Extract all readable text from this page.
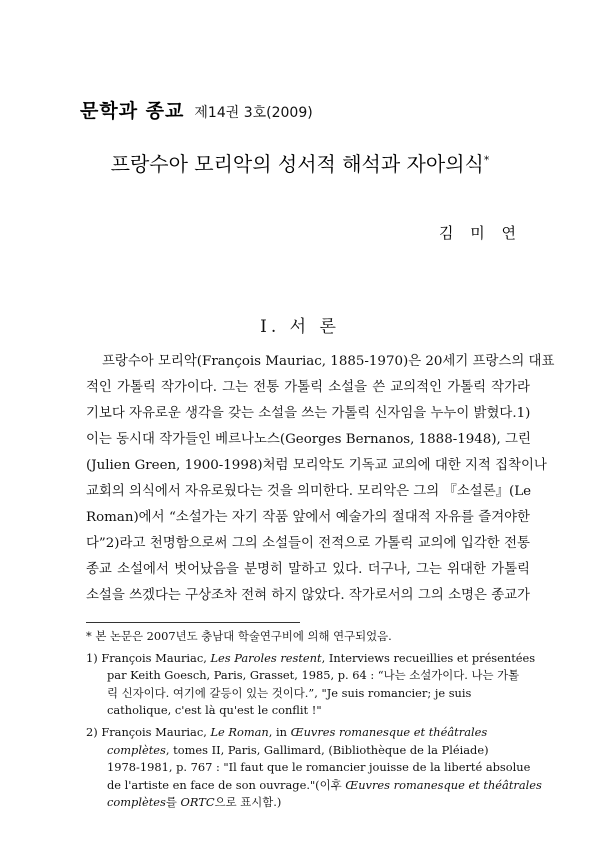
문학과 종교 제14권 3호(2009)
프랑수아 모리악의 성서적 해석과 자아의식*
김 미 연
I. 서 론
프랑수아 모리악(François Mauriac, 1885-1970)은 20세기 프랑스의 대표
적인 가톨릭 작가이다. 그는 전통 가톨릭 소설을 쓴 교의적인 가톨릭 작가라
기보다 자유로운 생각을 갖는 소설을 쓰는 가톨릭 신자임을 누누이 밝혔다.1)
이는 동시대 작가들인 베르나노스(Georges Bernanos, 1888-1948), 그린
(Julien Green, 1900-1998)처럼 모리악도 기독교 교의에 대한 지적 집착이나
교회의 의식에서 자유로웠다는 것을 의미한다. 모리악은 그의 『소설론』(Le
Roman)에서 “소설가는 자기 작품 앞에서 예술가의 절대적 자유를 즐겨야한
다”2)라고 천명함으로써 그의 소설들이 전적으로 가톨릭 교의에 입각한 전통
종교 소설에서 벗어났음을 분명히 말하고 있다. 더구나, 그는 위대한 가톨릭
소설을 쓰겠다는 구상조차 전혀 하지 않았다. 작가로서의 그의 소명은 종교가
* 본 논문은 2007년도 충남대 학술연구비에 의해 연구되었음.
1) François Mauriac, Les Paroles restent, Interviews recueillies et présentées
par Keith Goesch, Paris, Grasset, 1985, p. 64 : “나는 소설가이다. 나는 가톨
릭 신자이다. 여기에 갈등이 있는 것이다.”, "Je suis romancier; je suis
catholique, c'est là qu'est le conflit !"
2) François Mauriac, Le Roman, in Œuvres romanesque et théâtrales
complètes, tomes II, Paris, Gallimard, (Bibliothèque de la Pléiade)
1978-1981, p. 767 : "Il faut que le romancier jouisse de la liberté absolue
de l'artiste en face de son ouvrage."(이후 Œuvres romanesque et théâtrales
complètes를 ORTC으로 표시함.)
